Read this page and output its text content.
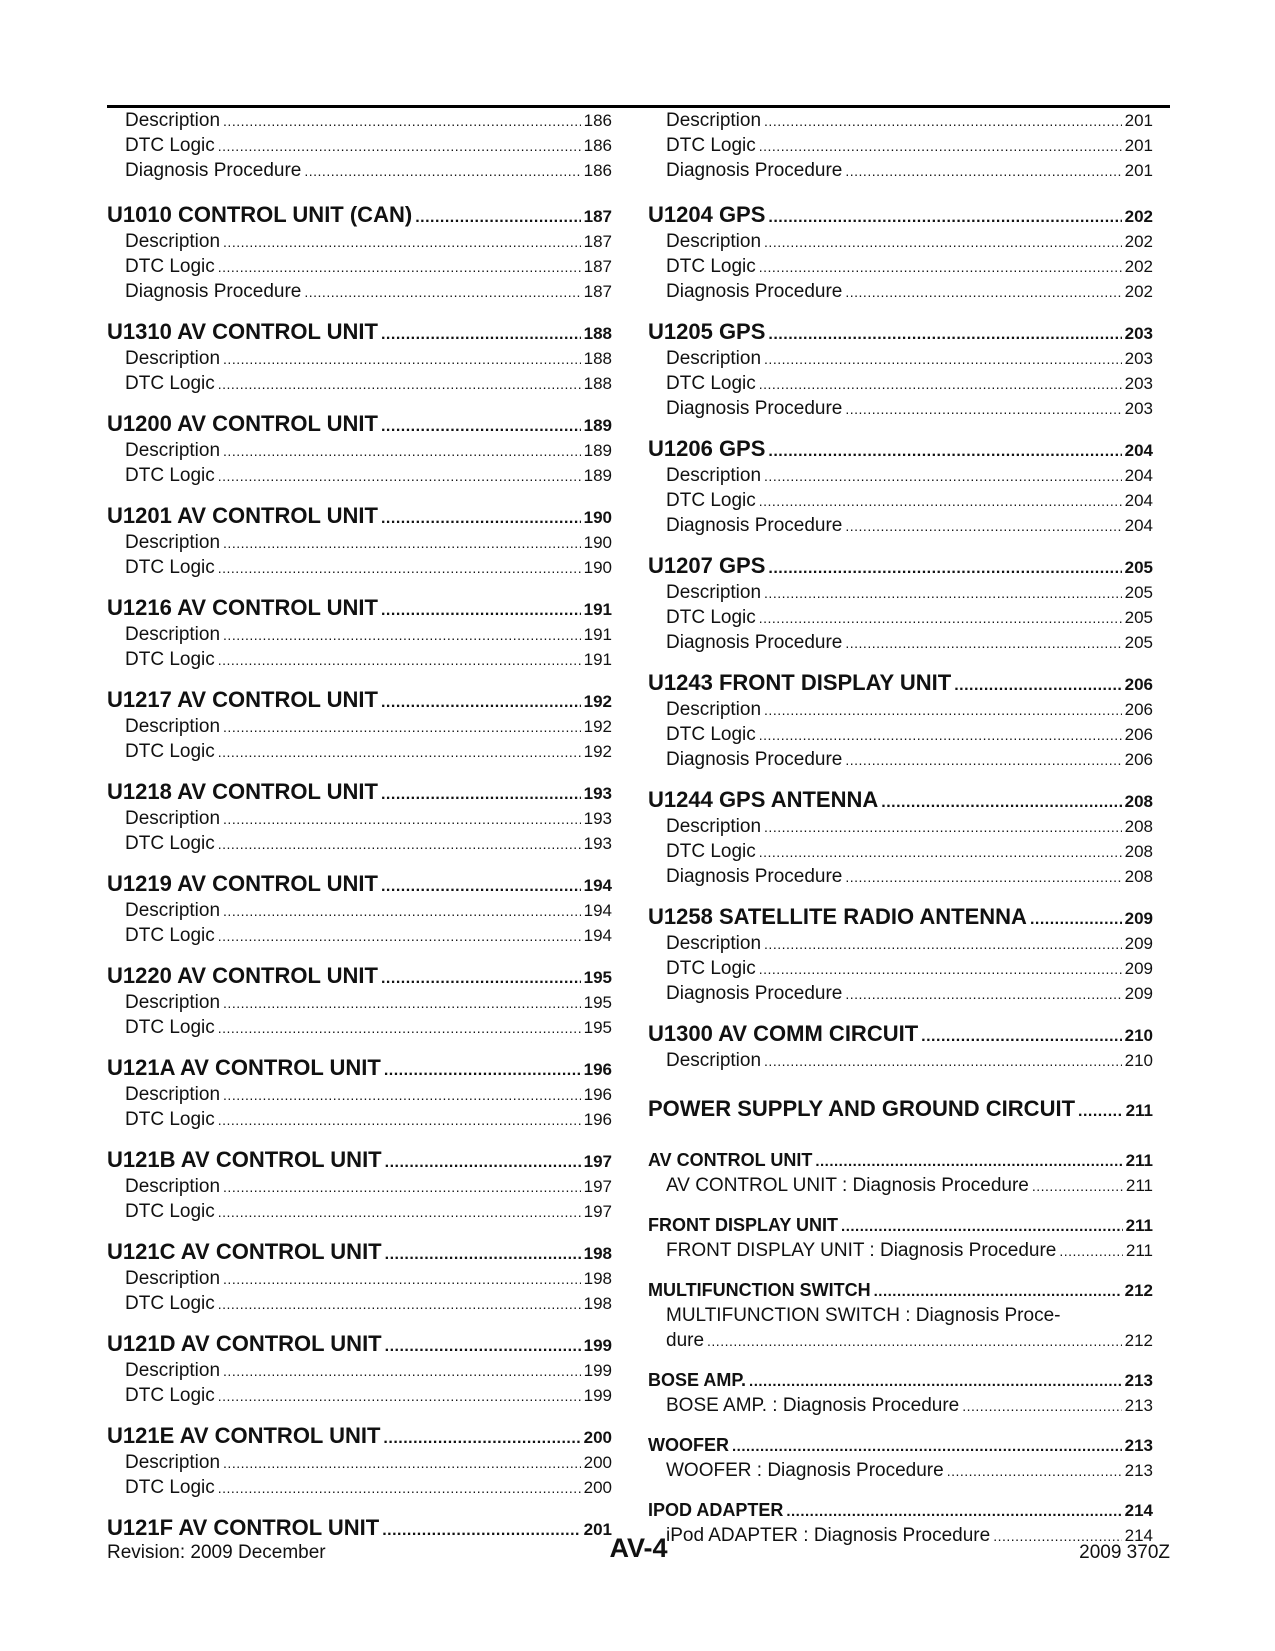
Description .....	186
DTC Logic .....	186
Diagnosis Procedure .....	186
U1010 CONTROL UNIT (CAN) .....	187
Description .....	187
DTC Logic .....	187
Diagnosis Procedure .....	187
U1310 AV CONTROL UNIT .....	188
Description .....	188
DTC Logic .....	188
U1200 AV CONTROL UNIT .....	189
Description .....	189
DTC Logic .....	189
U1201 AV CONTROL UNIT .....	190
Description .....	190
DTC Logic .....	190
U1216 AV CONTROL UNIT .....	191
Description .....	191
DTC Logic .....	191
U1217 AV CONTROL UNIT .....	192
Description .....	192
DTC Logic .....	192
U1218 AV CONTROL UNIT .....	193
Description .....	193
DTC Logic .....	193
U1219 AV CONTROL UNIT .....	194
Description .....	194
DTC Logic .....	194
U1220 AV CONTROL UNIT .....	195
Description .....	195
DTC Logic .....	195
U121A AV CONTROL UNIT .....	196
Description .....	196
DTC Logic .....	196
U121B AV CONTROL UNIT .....	197
Description .....	197
DTC Logic .....	197
U121C AV CONTROL UNIT .....	198
Description .....	198
DTC Logic .....	198
U121D AV CONTROL UNIT .....	199
Description .....	199
DTC Logic .....	199
U121E AV CONTROL UNIT .....	200
Description .....	200
DTC Logic .....	200
U121F AV CONTROL UNIT .....	201
Description .....	201
DTC Logic .....	201
Diagnosis Procedure .....	201
U1204 GPS .....	202
Description .....	202
DTC Logic .....	202
Diagnosis Procedure .....	202
U1205 GPS .....	203
Description .....	203
DTC Logic .....	203
Diagnosis Procedure .....	203
U1206 GPS .....	204
Description .....	204
DTC Logic .....	204
Diagnosis Procedure .....	204
U1207 GPS .....	205
Description .....	205
DTC Logic .....	205
Diagnosis Procedure .....	205
U1243 FRONT DISPLAY UNIT .....	206
Description .....	206
DTC Logic .....	206
Diagnosis Procedure .....	206
U1244 GPS ANTENNA .....	208
Description .....	208
DTC Logic .....	208
Diagnosis Procedure .....	208
U1258 SATELLITE RADIO ANTENNA .....	209
Description .....	209
DTC Logic .....	209
Diagnosis Procedure .....	209
U1300 AV COMM CIRCUIT .....	210
Description .....	210
POWER SUPPLY AND GROUND CIRCUIT .....	211
AV CONTROL UNIT .....	211
AV CONTROL UNIT : Diagnosis Procedure .....	211
FRONT DISPLAY UNIT .....	211
FRONT DISPLAY UNIT : Diagnosis Procedure .....	211
MULTIFUNCTION SWITCH .....	212
MULTIFUNCTION SWITCH : Diagnosis Proce-
dure .....	212
BOSE AMP. .....	213
BOSE AMP. : Diagnosis Procedure .....	213
WOOFER .....	213
WOOFER : Diagnosis Procedure .....	213
IPOD ADAPTER .....	214
iPod ADAPTER : Diagnosis Procedure .....	214
Revision: 2009 December	AV-4	2009 370Z
